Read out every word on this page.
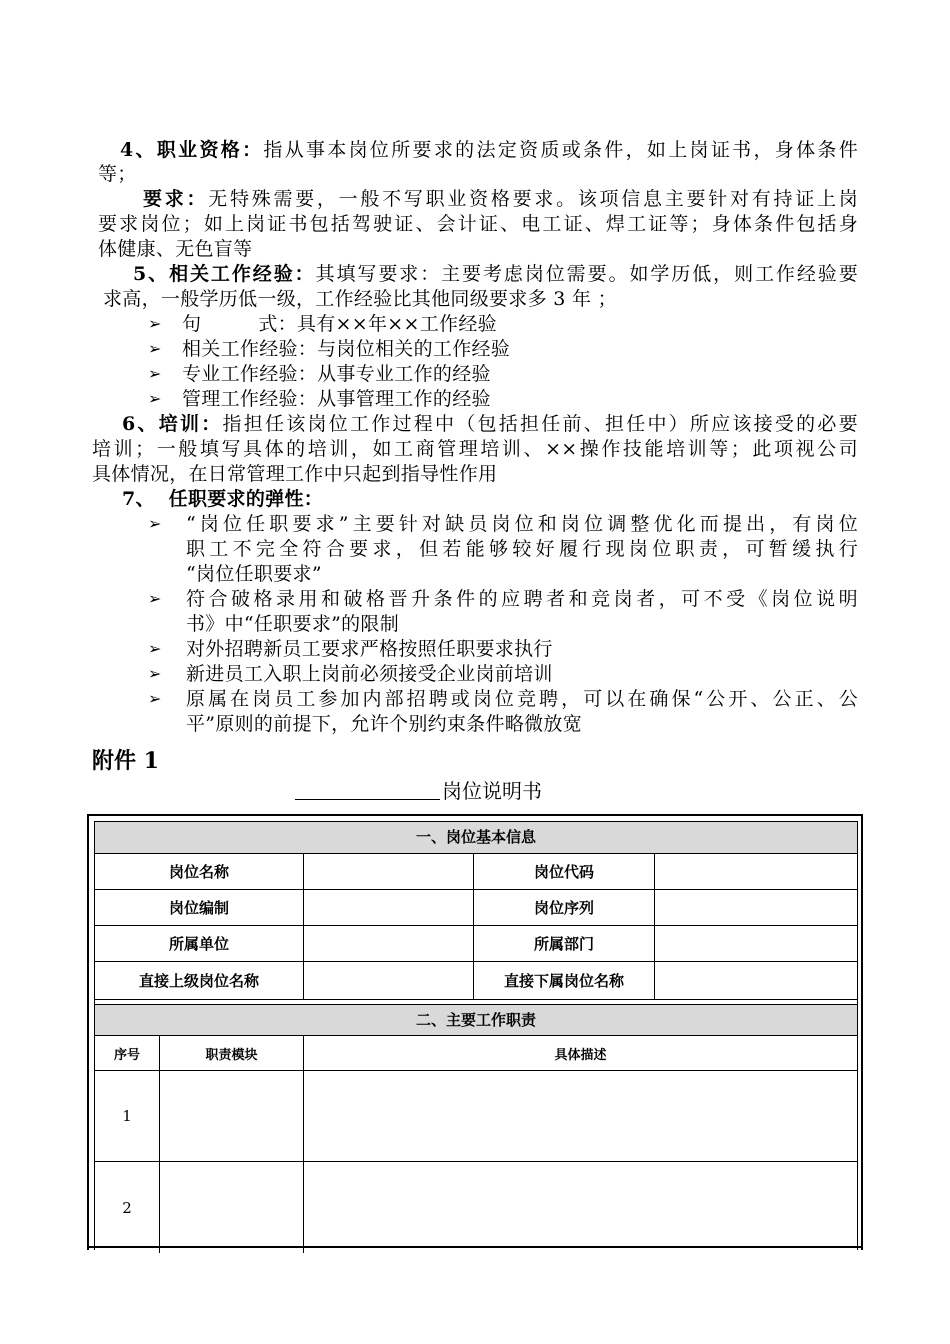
4、职业资格：指从事本岗位所要求的法定资质或条件，如上岗证书，身体条件
等；
要求：无特殊需要，一般不写职业资格要求。该项信息主要针对有持证上岗
要求岗位；如上岗证书包括驾驶证、会计证、电工证、焊工证等；身体条件包括身
体健康、无色盲等
5、相关工作经验：其填写要求：主要考虑岗位需要。如学历低，则工作经验要
求高，一般学历低一级，工作经验比其他同级要求多 3 年 ；
➢ 句         式：具有××年××工作经验
➢ 相关工作经验：与岗位相关的工作经验
➢ 专业工作经验：从事专业工作的经验
➢ 管理工作经验：从事管理工作的经验
6、培训：指担任该岗位工作过程中（包括担任前、担任中）所应该接受的必要
培训；一般填写具体的培训，如工商管理培训、××操作技能培训等；此项视公司
具体情况，在日常管理工作中只起到指导性作用
7、  任职要求的弹性：
➢ “岗位任职要求”主要针对缺员岗位和岗位调整优化而提出，有岗位
职工不完全符合要求，但若能够较好履行现岗位职责，可暂缓执行
“岗位任职要求”
➢ 符合破格录用和破格晋升条件的应聘者和竞岗者，可不受《岗位说明
书》中“任职要求”的限制
➢ 对外招聘新员工要求严格按照任职要求执行
➢ 新进员工入职上岗前必须接受企业岗前培训
➢ 原属在岗员工参加内部招聘或岗位竞聘，可以在确保“公开、公正、公
平”原则的前提下，允许个别约束条件略微放宽
附件 1
岗位说明书
一、岗位基本信息
岗位名称	岗位代码
岗位编制	岗位序列
所属单位	所属部门
直接上级岗位名称	直接下属岗位名称
二、主要工作职责
序号	职责模块	具体描述
1
2
